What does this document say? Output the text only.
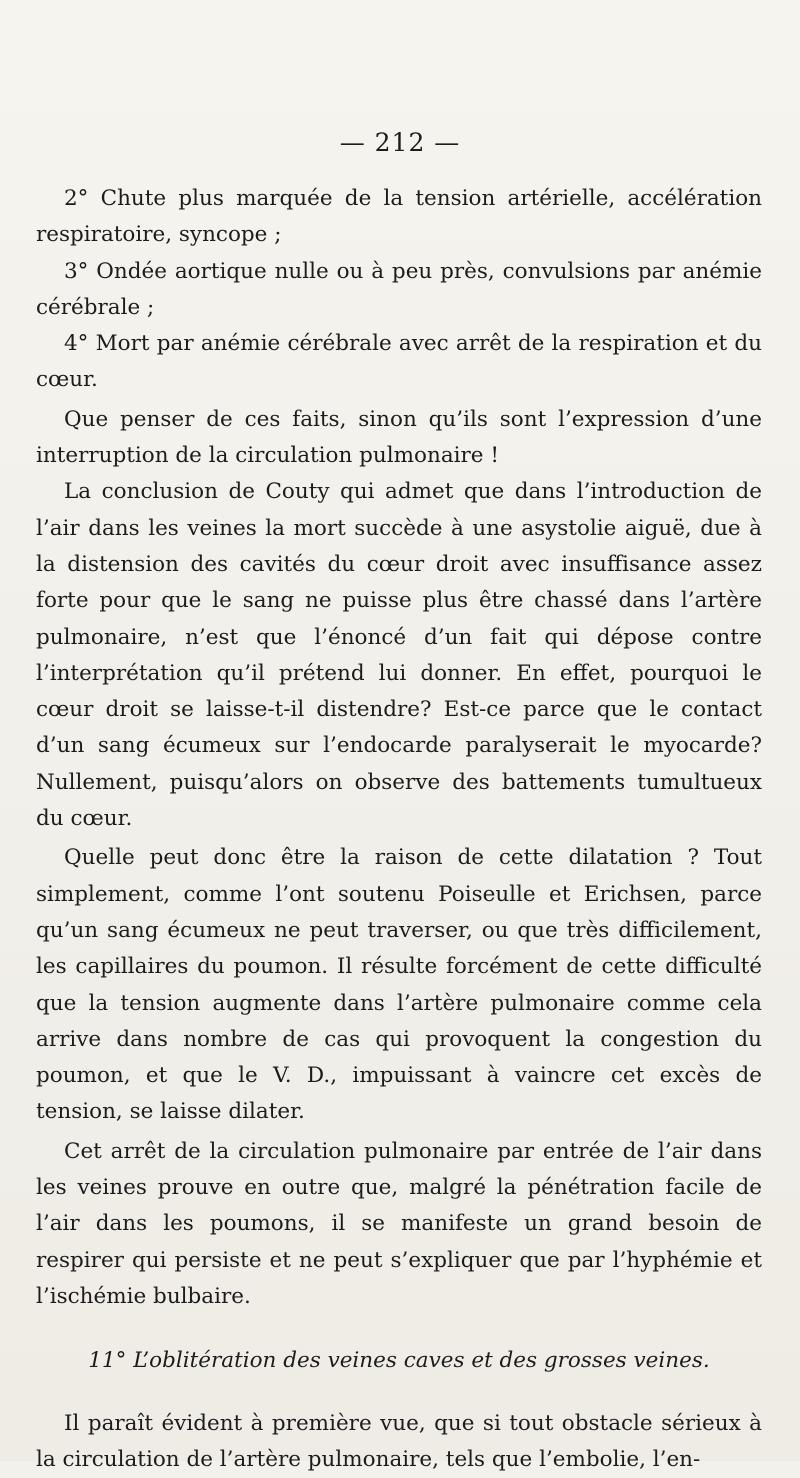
— 212 —

2° Chute plus marquée de la tension artérielle, accélération respiratoire, syncope ;

3° Ondée aortique nulle ou à peu près, convulsions par anémie cérébrale ;

4° Mort par anémie cérébrale avec arrêt de la respiration et du cœur.

Que penser de ces faits, sinon qu’ils sont l’expression d’une interruption de la circulation pulmonaire !

La conclusion de Couty qui admet que dans l’introduction de l’air dans les veines la mort succède à une asystolie aiguë, due à la distension des cavités du cœur droit avec insuffisance assez forte pour que le sang ne puisse plus être chassé dans l’artère pulmonaire, n’est que l’énoncé d’un fait qui dépose contre l’interprétation qu’il prétend lui donner. En effet, pourquoi le cœur droit se laisse-t-il distendre? Est-ce parce que le contact d’un sang écumeux sur l’endocarde paralyserait le myocarde? Nullement, puisqu’alors on observe des battements tumultueux du cœur.

Quelle peut donc être la raison de cette dilatation ? Tout simplement, comme l’ont soutenu Poiseulle et Erichsen, parce qu’un sang écumeux ne peut traverser, ou que très difficilement, les capillaires du poumon. Il résulte forcément de cette difficulté que la tension augmente dans l’artère pulmonaire comme cela arrive dans nombre de cas qui provoquent la congestion du poumon, et que le V. D., impuissant à vaincre cet excès de tension, se laisse dilater.

Cet arrêt de la circulation pulmonaire par entrée de l’air dans les veines prouve en outre que, malgré la pénétration facile de l’air dans les poumons, il se manifeste un grand besoin de respirer qui persiste et ne peut s’expliquer que par l’hyphémie et l’ischémie bulbaire.

11° L’oblitération des veines caves et des grosses veines.

Il paraît évident à première vue, que si tout obstacle sérieux à la circulation de l’artère pulmonaire, tels que l’embolie, l’en-
